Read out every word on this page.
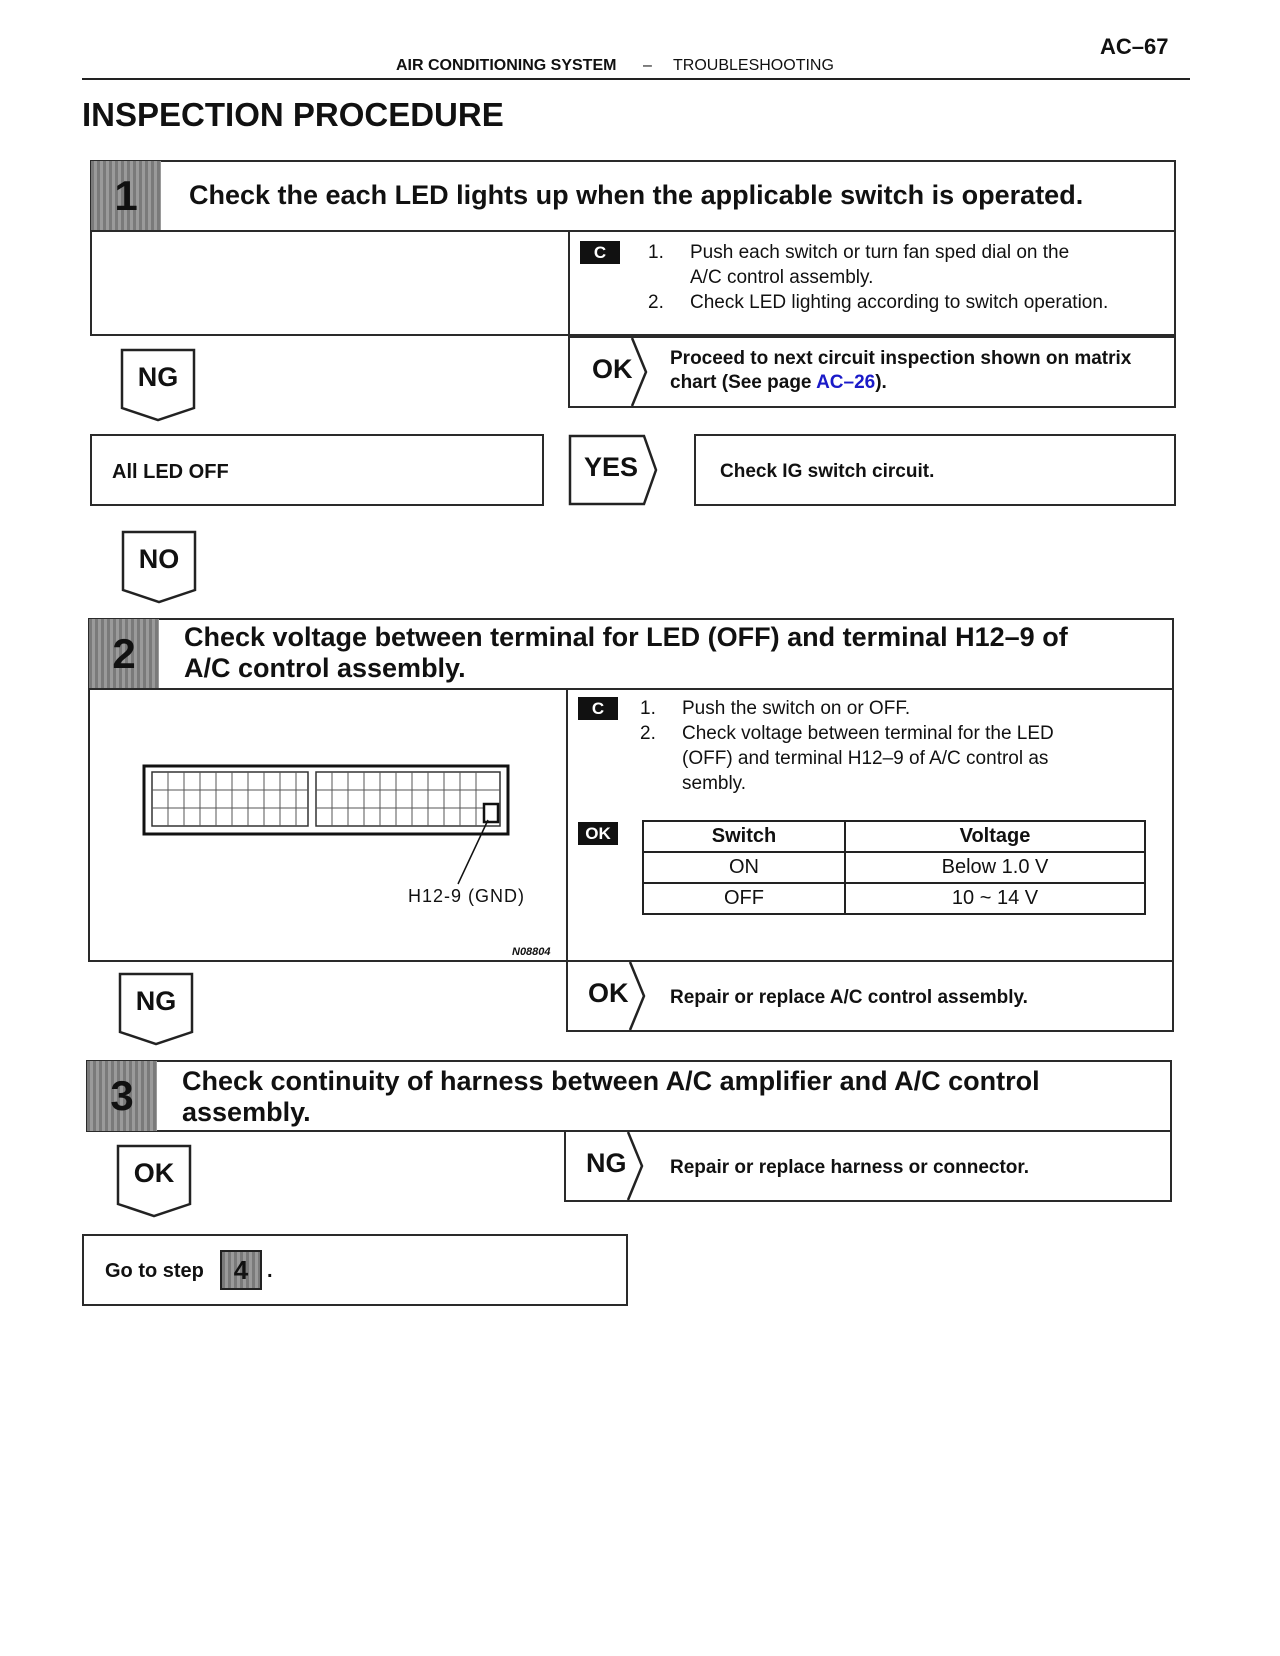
AC–67
AIR CONDITIONING SYSTEM – TROUBLESHOOTING
INSPECTION PROCEDURE
1	Check the each LED lights up when the applicable switch is operated.
C	1. Push each switch or turn fan sped dial on the
A/C control assembly.
2. Check LED lighting according to switch operation.
NG	OK Proceed to next circuit inspection shown on matrix chart (See page AC–26).
All LED OFF	YES	Check IG switch circuit.
NO
2	Check voltage between terminal for LED (OFF) and terminal H12–9 of
A/C control assembly.
H12-9 (GND)
N08804
C	1. Push the switch on or OFF.
2. Check voltage between terminal for the LED
(OFF) and terminal H12–9 of A/C control as
sembly.
OK	Switch	Voltage
ON	Below 1.0 V
OFF	10 ~ 14 V
NG	OK Repair or replace A/C control assembly.
3	Check continuity of harness between A/C amplifier and A/C control
assembly.
OK	NG Repair or replace harness or connector.
Go to step	4 .
